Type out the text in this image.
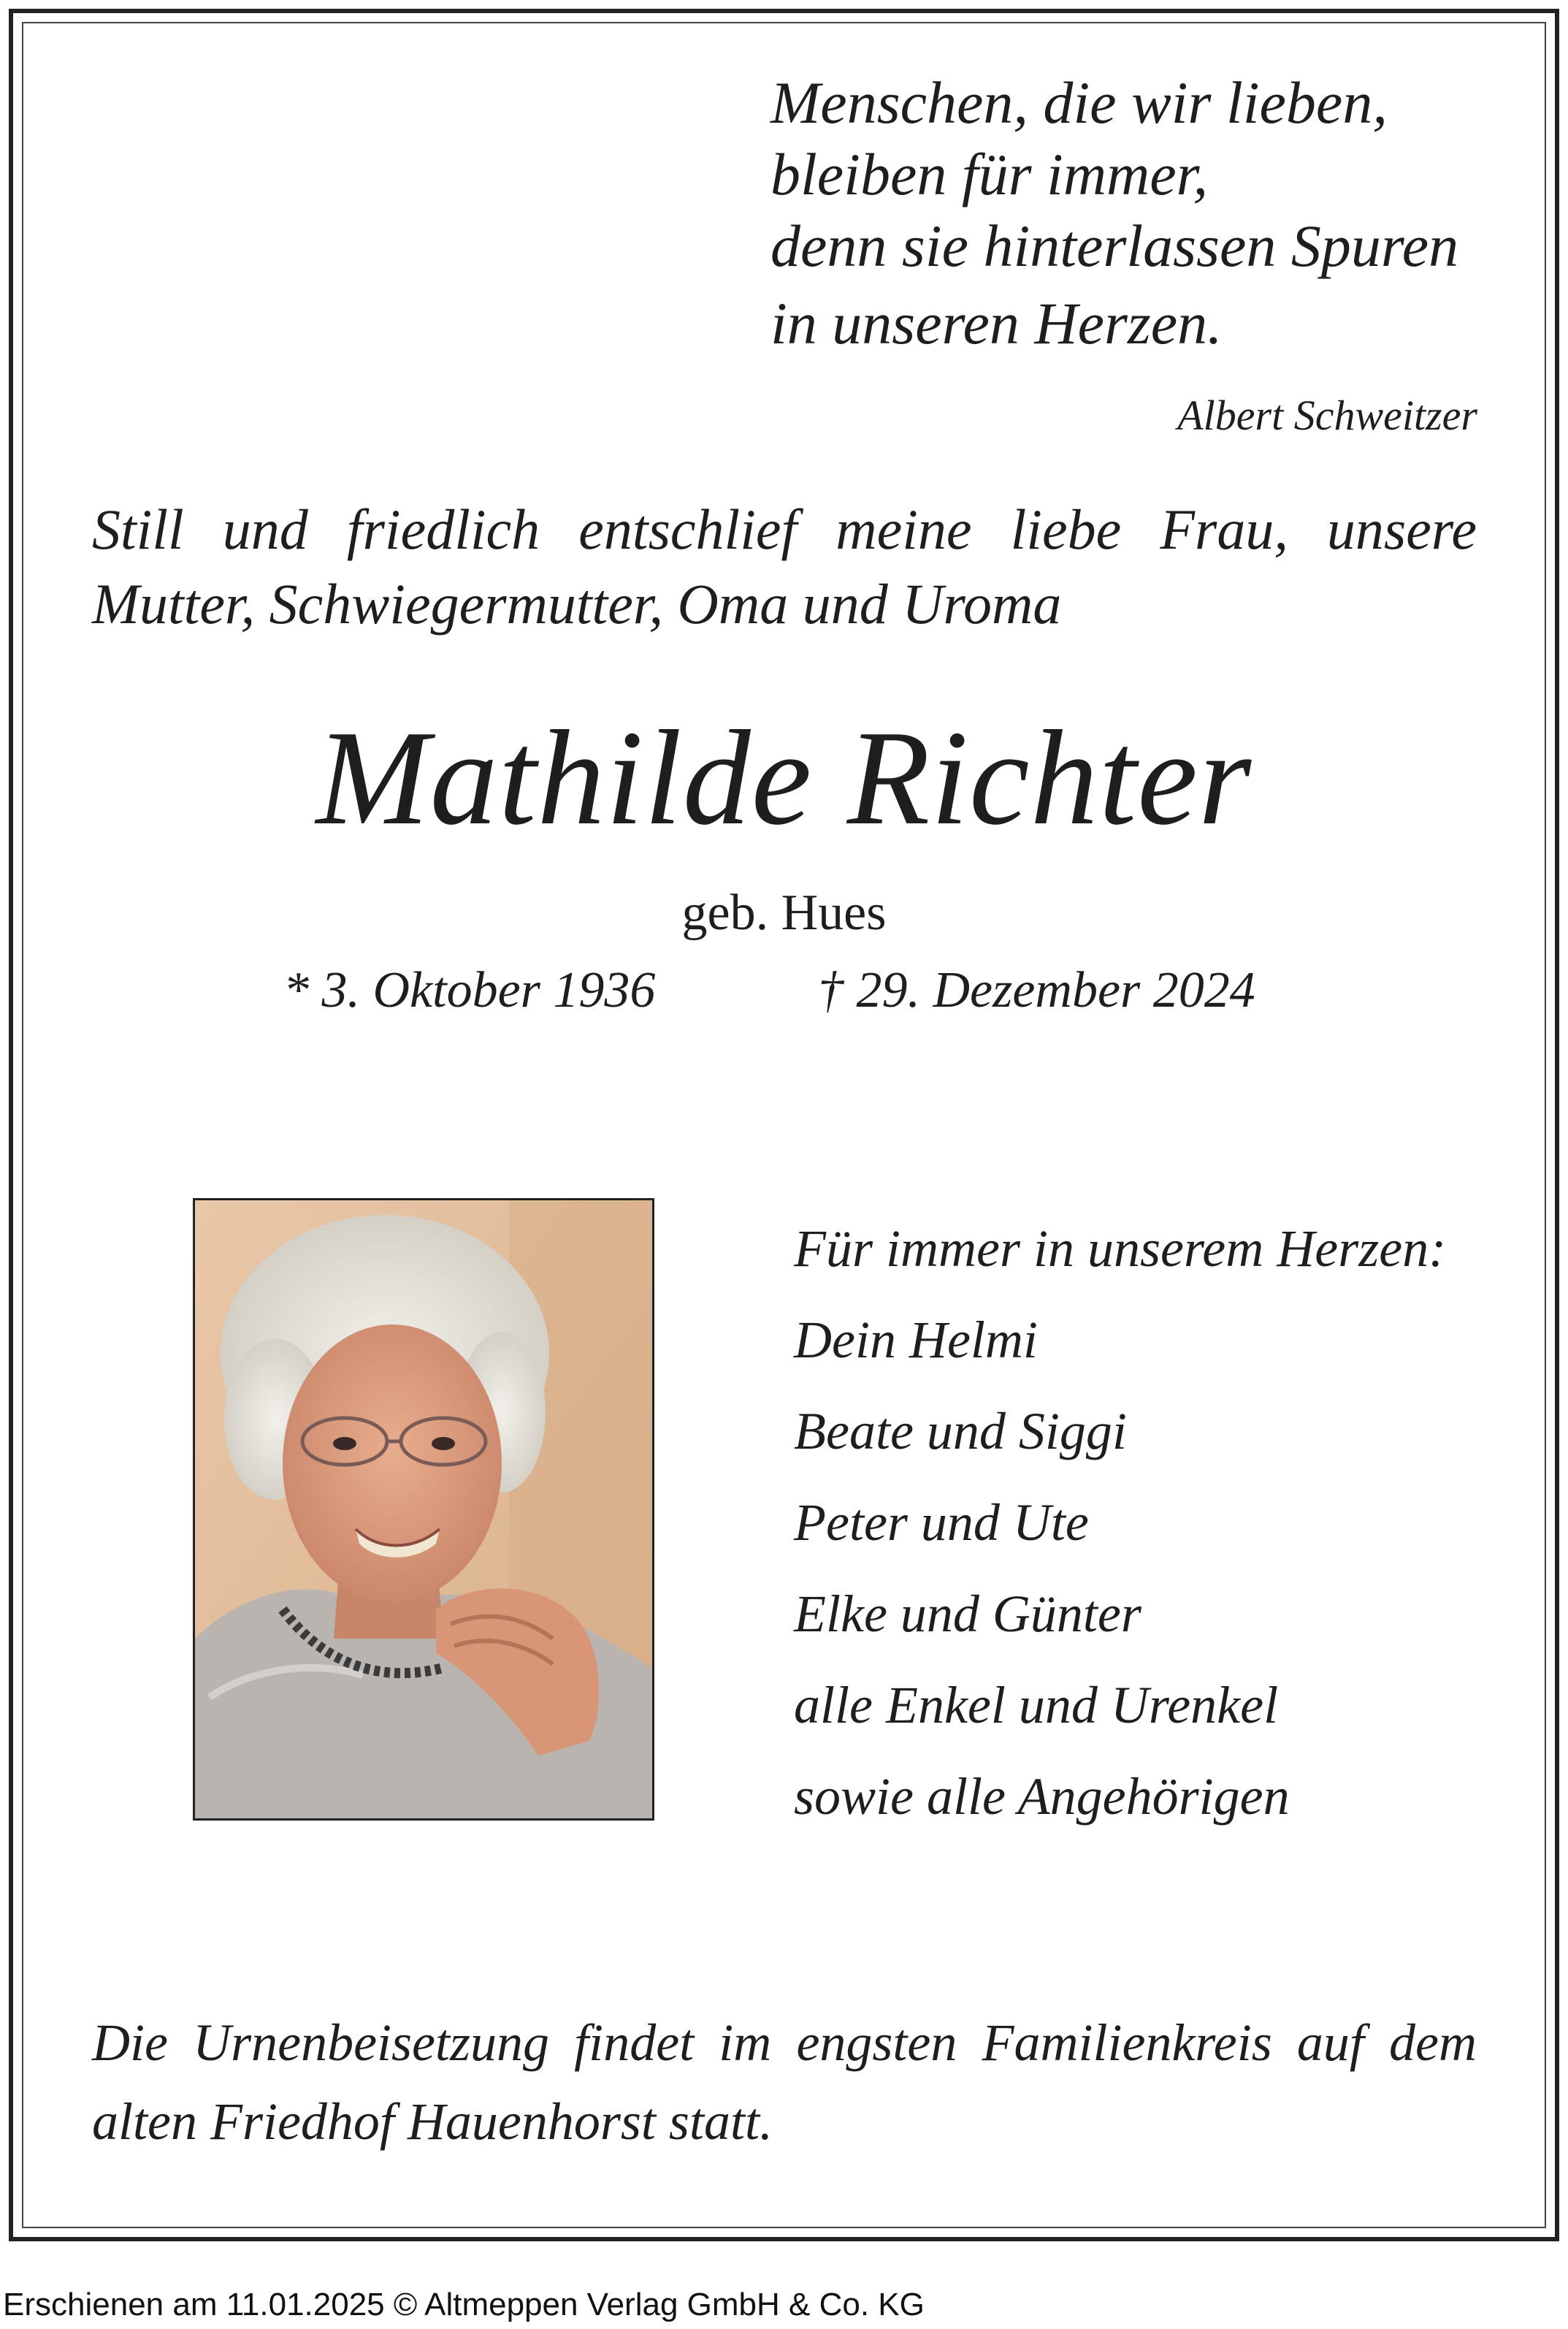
Menschen, die wir lieben,
bleiben für immer,
denn sie hinterlassen Spuren
in unseren Herzen.
Albert Schweitzer
Still und friedlich entschlief meine liebe Frau, unsere
Mutter, Schwiegermutter, Oma und Uroma
Mathilde Richter
geb. Hues
* 3. Oktober 1936	† 29. Dezember 2024
Für immer in unserem Herzen:
Dein Helmi
Beate und Siggi
Peter und Ute
Elke und Günter
alle Enkel und Urenkel
sowie alle Angehörigen
Die Urnenbeisetzung findet im engsten Familienkreis auf dem
alten Friedhof Hauenhorst statt.
Erschienen am 11.01.2025 © Altmeppen Verlag GmbH & Co. KG
